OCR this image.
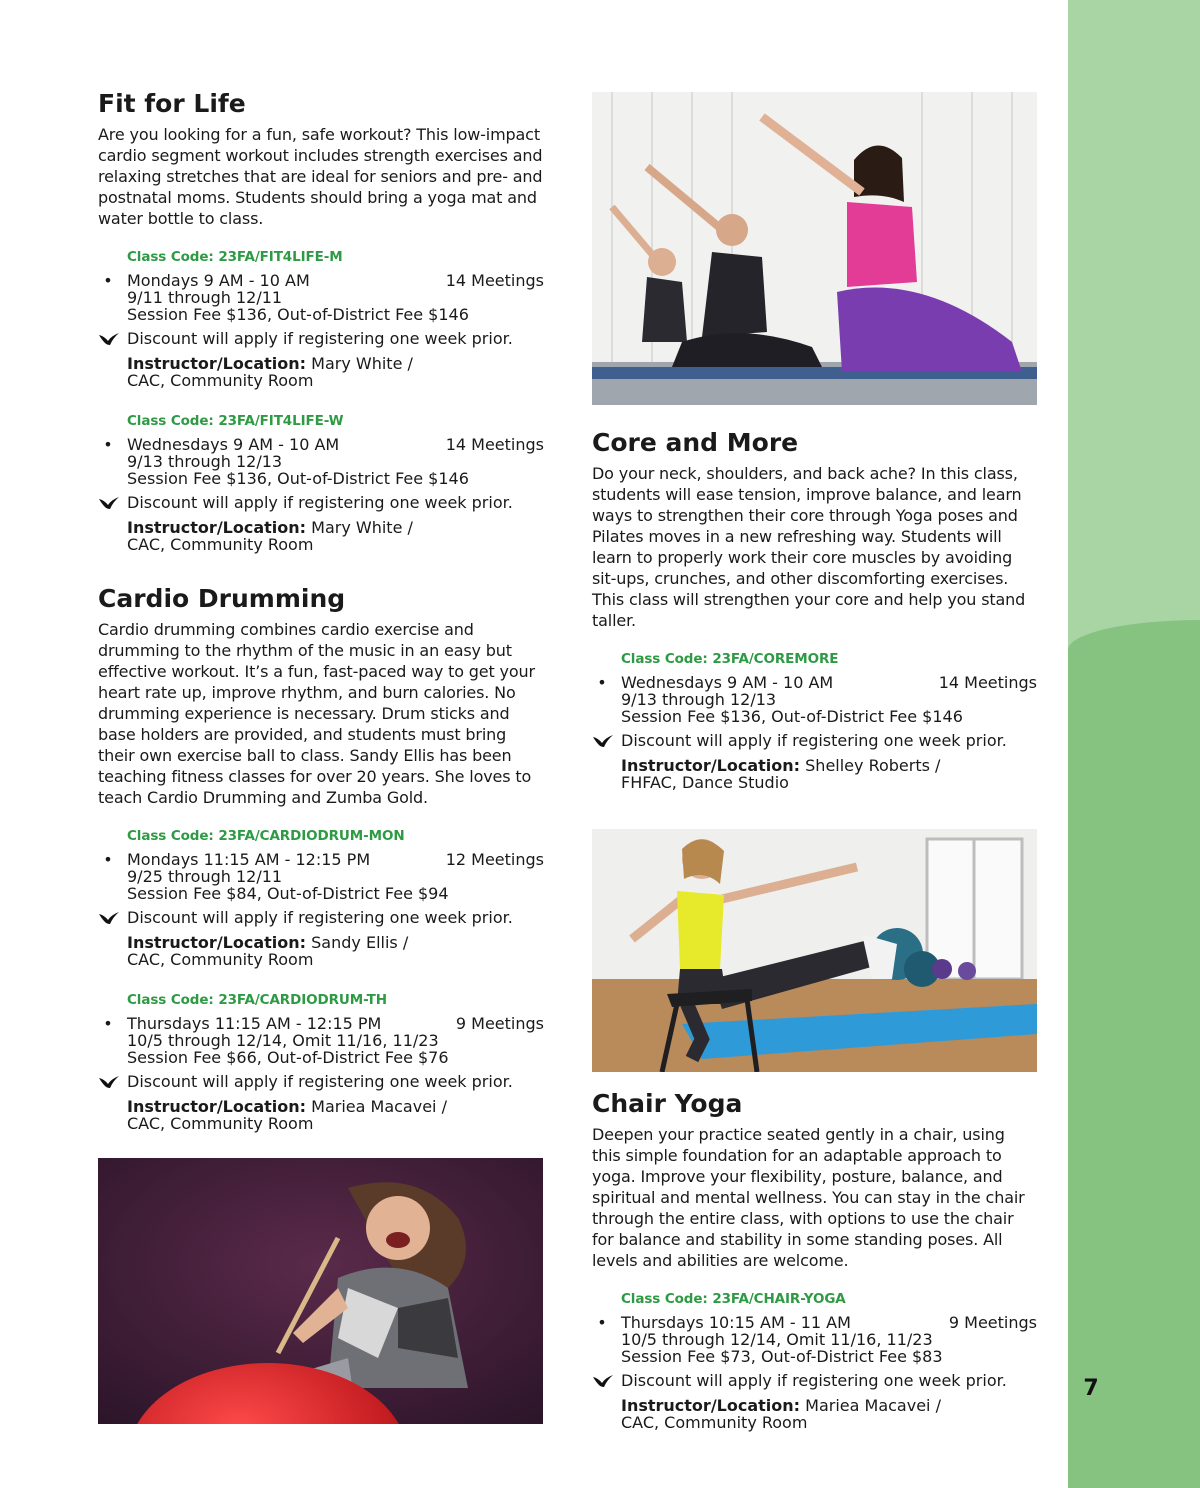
7
Fit for Life

Are you looking for a fun, safe workout? This low-impact cardio segment workout includes strength exercises and relaxing stretches that are ideal for seniors and pre- and postnatal moms. Students should bring a yoga mat and water bottle to class.

Class Code: 23FA/FIT4LIFE-M
• Mondays 9 AM - 10 AM	14 Meetings
9/11 through 12/11
Session Fee $136, Out-of-District Fee $146
Discount will apply if registering one week prior.
Instructor/Location: Mary White /
CAC, Community Room
Class Code: 23FA/FIT4LIFE-W
• Wednesdays 9 AM - 10 AM	14 Meetings
9/13 through 12/13
Session Fee $136, Out-of-District Fee $146
Discount will apply if registering one week prior.
Instructor/Location: Mary White /
CAC, Community Room
Cardio Drumming

Cardio drumming combines cardio exercise and drumming to the rhythm of the music in an easy but effective workout. It’s a fun, fast-paced way to get your heart rate up, improve rhythm, and burn calories. No drumming experience is necessary. Drum sticks and base holders are provided, and students must bring their own exercise ball to class. Sandy Ellis has been teaching fitness classes for over 20 years. She loves to teach Cardio Drumming and Zumba Gold.

Class Code: 23FA/CARDIODRUM-MON
• Mondays 11:15 AM - 12:15 PM	12 Meetings
9/25 through 12/11
Session Fee $84, Out-of-District Fee $94
Discount will apply if registering one week prior.
Instructor/Location: Sandy Ellis /
CAC, Community Room
Class Code: 23FA/CARDIODRUM-TH
• Thursdays 11:15 AM - 12:15 PM	9 Meetings
10/5 through 12/14, Omit 11/16, 11/23
Session Fee $66, Out-of-District Fee $76
Discount will apply if registering one week prior.
Instructor/Location: Mariea Macavei /
CAC, Community Room
Core and More

Do your neck, shoulders, and back ache? In this class, students will ease tension, improve balance, and learn ways to strengthen their core through Yoga poses and Pilates moves in a new refreshing way. Students will learn to properly work their core muscles by avoiding sit-ups, crunches, and other discomforting exercises. This class will strengthen your core and help you stand taller.

Class Code: 23FA/COREMORE
• Wednesdays 9 AM - 10 AM	14 Meetings
9/13 through 12/13
Session Fee $136, Out-of-District Fee $146
Discount will apply if registering one week prior.
Instructor/Location: Shelley Roberts /
FHFAC, Dance Studio
Chair Yoga

Deepen your practice seated gently in a chair, using this simple foundation for an adaptable approach to yoga. Improve your flexibility, posture, balance, and spiritual and mental wellness. You can stay in the chair through the entire class, with options to use the chair for balance and stability in some standing poses. All levels and abilities are welcome.

Class Code: 23FA/CHAIR-YOGA
• Thursdays 10:15 AM - 11 AM	9 Meetings
10/5 through 12/14, Omit 11/16, 11/23
Session Fee $73, Out-of-District Fee $83
Discount will apply if registering one week prior.
Instructor/Location: Mariea Macavei /
CAC, Community Room
